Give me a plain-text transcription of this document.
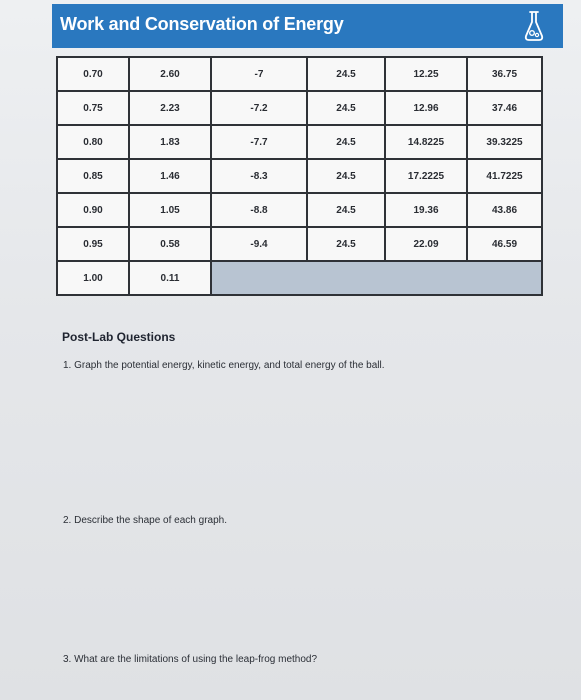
Work and Conservation of Energy
0.70	2.60	-7	24.5	12.25	36.75
0.75	2.23	-7.2	24.5	12.96	37.46
0.80	1.83	-7.7	24.5	14.8225	39.3225
0.85	1.46	-8.3	24.5	17.2225	41.7225
0.90	1.05	-8.8	24.5	19.36	43.86
0.95	0.58	-9.4	24.5	22.09	46.59
1.00	0.11				
Post-Lab Questions
1. Graph the potential energy, kinetic energy, and total energy of the ball.
2. Describe the shape of each graph.
3. What are the limitations of using the leap-frog method?
